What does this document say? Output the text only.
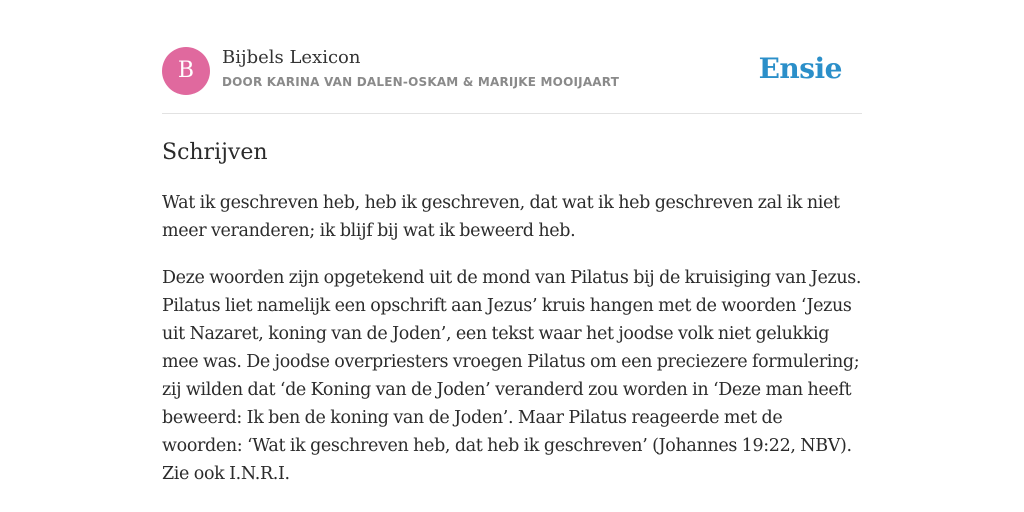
B
Bijbels Lexicon
DOOR KARINA VAN DALEN-OSKAM & MARIJKE MOOIJAART	Ensie
Schrijven

Wat ik geschreven heb, heb ik geschreven, dat wat ik heb geschreven zal ik niet meer veranderen; ik blijf bij wat ik beweerd heb.

Deze woorden zijn opgetekend uit de mond van Pilatus bij de kruisiging van Jezus. Pilatus liet namelijk een opschrift aan Jezus’ kruis hangen met de woorden ‘Jezus uit Nazaret, koning van de Joden’, een tekst waar het joodse volk niet gelukkig mee was. De joodse overpriesters vroegen Pilatus om een preciezere formulering; zij wilden dat ‘de Koning van de Joden’ veranderd zou worden in ‘Deze man heeft beweerd: Ik ben de koning van de Joden’. Maar Pilatus reageerde met de woorden: ‘Wat ik geschreven heb, dat heb ik geschreven’ (Johannes 19:22, NBV). Zie ook I.N.R.I.
